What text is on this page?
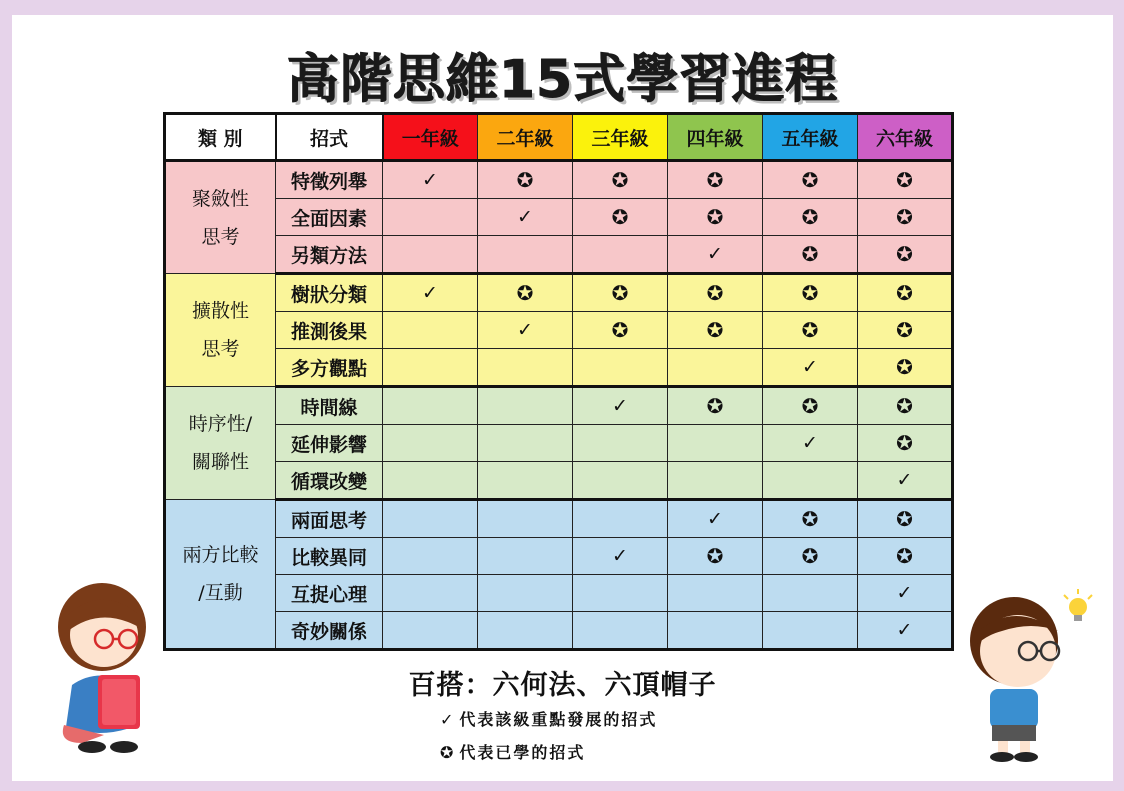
高階思維15式學習進程
類 別	招式	一年級	二年級	三年級	四年級	五年級	六年級

聚斂性
思考	特徵列舉	✓	✪	✪	✪	✪	✪
	全面因素		✓	✪	✪	✪	✪
	另類方法				✓	✪	✪

擴散性
思考	樹狀分類	✓	✪	✪	✪	✪	✪
	推測後果		✓	✪	✪	✪	✪
	多方觀點					✓	✪

時序性/
關聯性	時間線			✓	✪	✪	✪
	延伸影響					✓	✪
	循環改變						✓

兩方比較
/互動	兩面思考				✓	✪	✪
	比較異同			✓	✪	✪	✪
	互捉心理						✓
	奇妙關係						✓
百搭：六何法、六頂帽子
✓ 代表該級重點發展的招式
✪ 代表已學的招式
